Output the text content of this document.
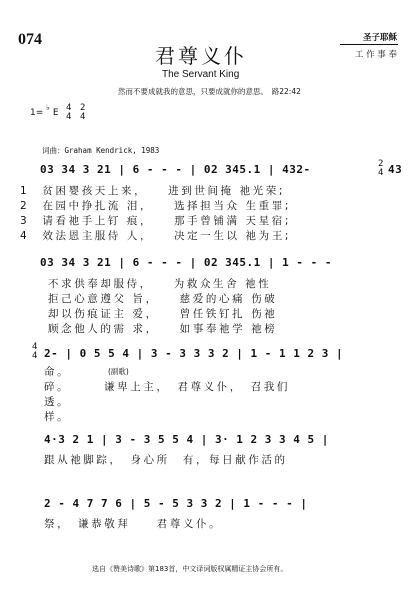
074
君尊义仆
The Servant King
圣子耶稣
工 作 事 奉
然而不要成就我的意思，只要成就你的意思。　路22:42
1= ♭ E 4
4
2
4
词曲：Graham Kendrick, 1983
03 34 3 21 | 6 - - - | 02 345.1 | 432-	2
4 43
1　 贫困婴孩天上来，　　进到世间掩 祂光荣;
2　 在园中挣扎流 泪，　　选择担当众 生重罪;
3　 请看祂手上钉 痕，　　那手曾铺满 天星宿;
4　 效法恩主服侍 人，　　决定一生以 祂为王;
03 34 3 21 | 6 - - - | 02 345.1 | 1 - - -
不求供奉却服侍，　　为救众生舍 祂性
拒己心意遵父 旨，　　慈爱的心痛 伤破
却以伤痕证主 爱，　　曾任铁钉扎 伤祂
顾念他人的需 求，　　如事奉祂学 祂榜
4
4 2- | 0 5 5 4 | 3 - 3 3 3 2 | 1 - 1 1 2 3 |
命。	(副歌)
碎。	谦卑上主，　君尊义仆，　召我们
透。
样。
4·3 2 1 | 3 - 3 5 5 4 | 3· 1 2 3 3 4 5 |
跟从祂脚踪，　身心所　有，每日献作活的
2 - 4 7 7 6 | 5 - 5 3 3 2 | 1 - - - |
祭，　谦恭敬拜　　君尊义仆。
选自《赞美诗歌》第183首，中文译词版权属精证主协会所有。
